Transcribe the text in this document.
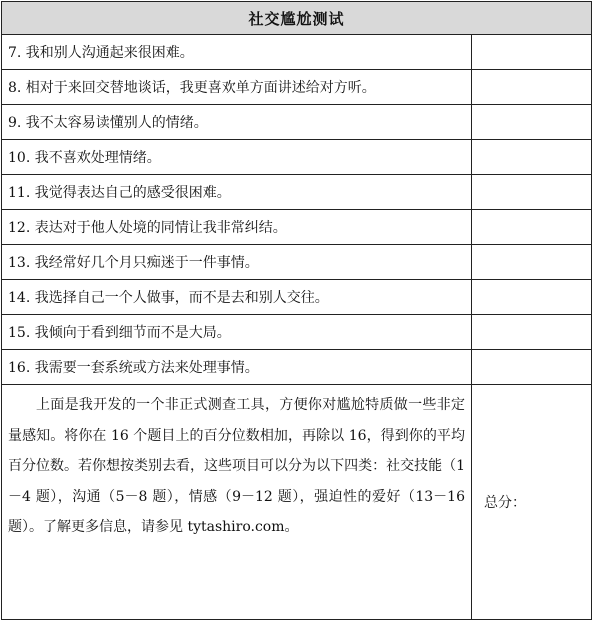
社交尴尬测试	
7. 我和别人沟通起来很困难。	
8. 相对于来回交替地谈话，我更喜欢单方面讲述给对方听。	
9. 我不太容易读懂别人的情绪。	
10. 我不喜欢处理情绪。	
11. 我觉得表达自己的感受很困难。	
12. 表达对于他人处境的同情让我非常纠结。	
13. 我经常好几个月只痴迷于一件事情。	
14. 我选择自己一个人做事，而不是去和别人交往。	
15. 我倾向于看到细节而不是大局。	
16. 我需要一套系统或方法来处理事情。	
上面是我开发的一个非正式测查工具，方便你对尴尬特质做一些非定量感知。将你在 16 个题目上的百分位数相加，再除以 16，得到你的平均百分位数。若你想按类别去看，这些项目可以分为以下四类：社交技能（1－4 题），沟通（5－8 题），情感（9－12 题），强迫性的爱好（13－16 题）。了解更多信息，请参见 tytashiro.com。	总分：
